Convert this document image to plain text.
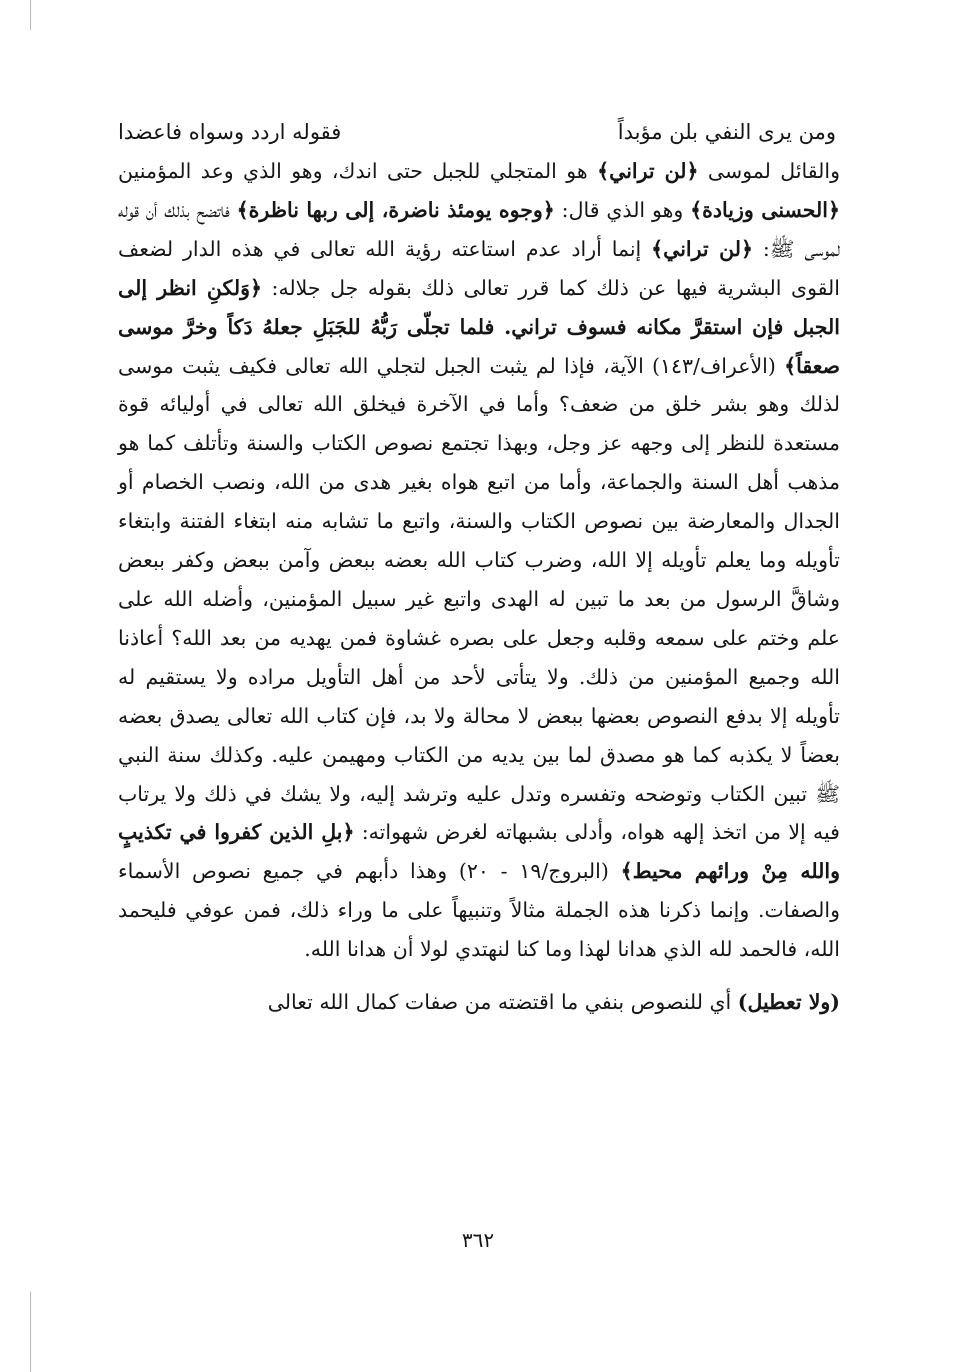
ومن يرى النفي بلن مؤبداً
فقوله اردد وسواه فاعضدا

والقائل لموسى ﴿لن تراني﴾ هو المتجلي للجبل حتى اندك، وهو الذي وعد المؤمنين ﴿الحسنى وزيادة﴾ وهو الذي قال: ﴿وجوه يومئذ ناضرة، إلى ربها ناظرة﴾ فاتضح بذلك أن قوله لموسى ﷺ: ﴿لن تراني﴾ إنما أراد عدم استاعته رؤية الله تعالى في هذه الدار لضعف القوى البشرية فيها عن ذلك كما قرر تعالى ذلك بقوله جل جلاله: ﴿وَلكنِ انظر إلى الجبل فإن استقرَّ مكانه فسوف تراني. فلما تجلّى رَبُّهُ للجَبَلِ جعلهُ دَكاً وخرَّ موسى صعقاً﴾ (الأعراف/١٤٣) الآية، فإذا لم يثبت الجبل لتجلي الله تعالى فكيف يثبت موسى لذلك وهو بشر خلق من ضعف؟ وأما في الآخرة فيخلق الله تعالى في أوليائه قوة مستعدة للنظر إلى وجهه عز وجل، وبهذا تجتمع نصوص الكتاب والسنة وتأتلف كما هو مذهب أهل السنة والجماعة، وأما من اتبع هواه بغير هدى من الله، ونصب الخصام أو الجدال والمعارضة بين نصوص الكتاب والسنة، واتبع ما تشابه منه ابتغاء الفتنة وابتغاء تأويله وما يعلم تأويله إلا الله، وضرب كتاب الله بعضه ببعض وآمن ببعض وكفر ببعض وشاقَّ الرسول من بعد ما تبين له الهدى واتبع غير سبيل المؤمنين، وأضله الله على علم وختم على سمعه وقلبه وجعل على بصره غشاوة فمن يهديه من بعد الله؟ أعاذنا الله وجميع المؤمنين من ذلك. ولا يتأتى لأحد من أهل التأويل مراده ولا يستقيم له تأويله إلا بدفع النصوص بعضها ببعض لا محالة ولا بد، فإن كتاب الله تعالى يصدق بعضه بعضاً لا يكذبه كما هو مصدق لما بين يديه من الكتاب ومهيمن عليه. وكذلك سنة النبي ﷺ تبين الكتاب وتوضحه وتفسره وتدل عليه وترشد إليه، ولا يشك في ذلك ولا يرتاب فيه إلا من اتخذ إلهه هواه، وأدلى بشبهاته لغرض شهواته: ﴿بلِ الذين كفروا في تكذيبٍ والله مِنْ ورائهم محيط﴾ (البروج/١٩ - ٢٠) وهذا دأبهم في جميع نصوص الأسماء والصفات. وإنما ذكرنا هذه الجملة مثالاً وتنبيهاً على ما وراء ذلك، فمن عوفي فليحمد الله، فالحمد لله الذي هدانا لهذا وما كنا لنهتدي لولا أن هدانا الله.

(ولا تعطيل) أي للنصوص بنفي ما اقتضته من صفات كمال الله تعالى

٣٦٢
